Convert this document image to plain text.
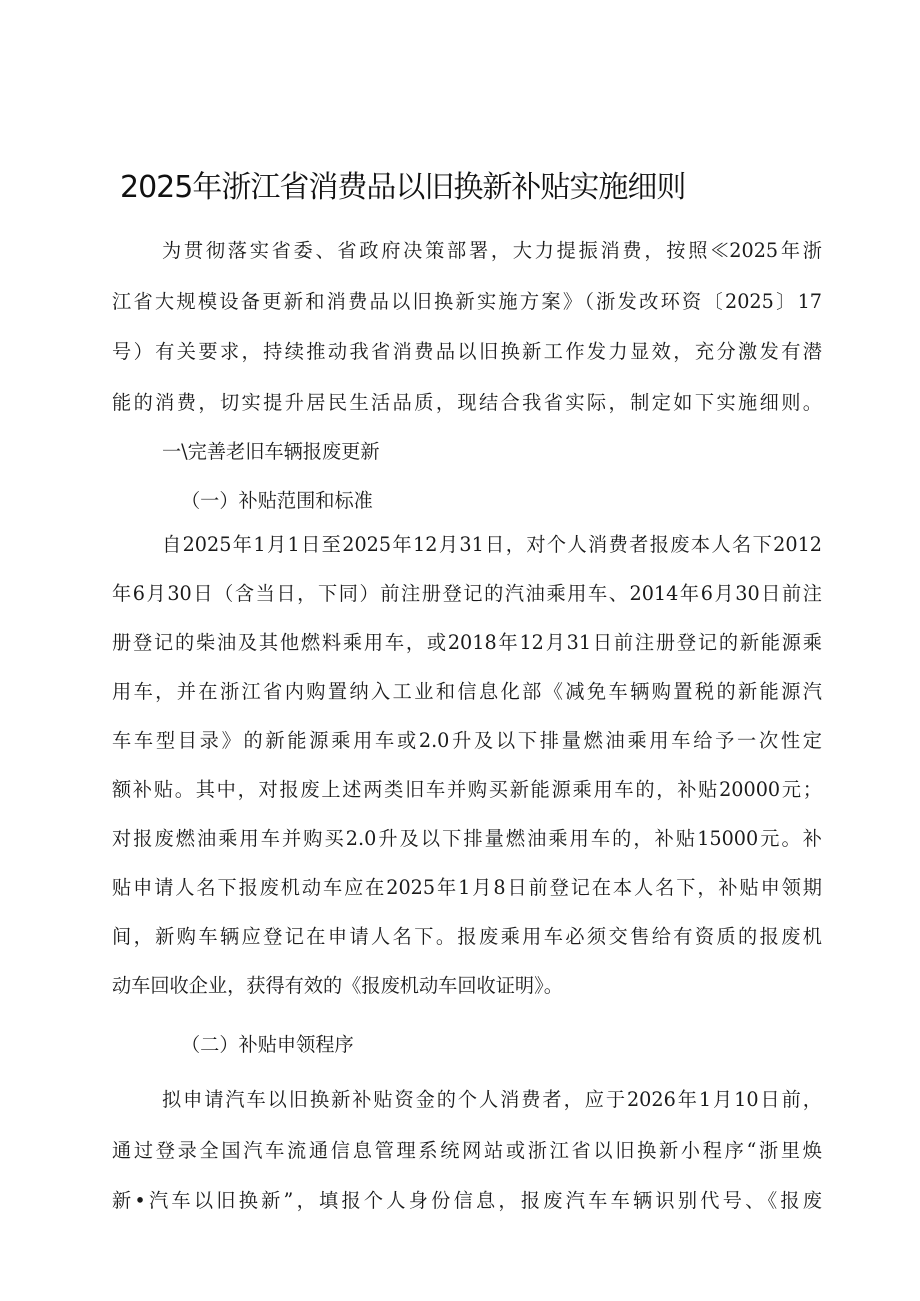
2025年浙江省消费品以旧换新补贴实施细则
为贯彻落实省委、省政府决策部署，大力提振消费，按照≪2025年浙
江省大规模设备更新和消费品以旧换新实施方案》（浙发改环资〔2025〕17
号）有关要求，持续推动我省消费品以旧换新工作发力显效，充分激发有潜
能的消费，切实提升居民生活品质，现结合我省实际，制定如下实施细则。
一\完善老旧车辆报废更新
（一）补贴范围和标准
自2025年1月1日至2025年12月31日，对个人消费者报废本人名下2012
年6月30日（含当日，下同）前注册登记的汽油乘用车、2014年6月30日前注
册登记的柴油及其他燃料乘用车，或2018年12月31日前注册登记的新能源乘
用车，并在浙江省内购置纳入工业和信息化部《减免车辆购置税的新能源汽
车车型目录》的新能源乘用车或2.0升及以下排量燃油乘用车给予一次性定
额补贴。其中，对报废上述两类旧车并购买新能源乘用车的，补贴20000元；
对报废燃油乘用车并购买2.0升及以下排量燃油乘用车的，补贴15000元。补
贴申请人名下报废机动车应在2025年1月8日前登记在本人名下，补贴申领期
间，新购车辆应登记在申请人名下。报废乘用车必须交售给有资质的报废机
动车回收企业，获得有效的《报废机动车回收证明》。
（二）补贴申领程序
拟申请汽车以旧换新补贴资金的个人消费者，应于2026年1月10日前，
通过登录全国汽车流通信息管理系统网站或浙江省以旧换新小程序“浙里焕
新•汽车以旧换新”，填报个人身份信息，报废汽车车辆识别代号、《报废
